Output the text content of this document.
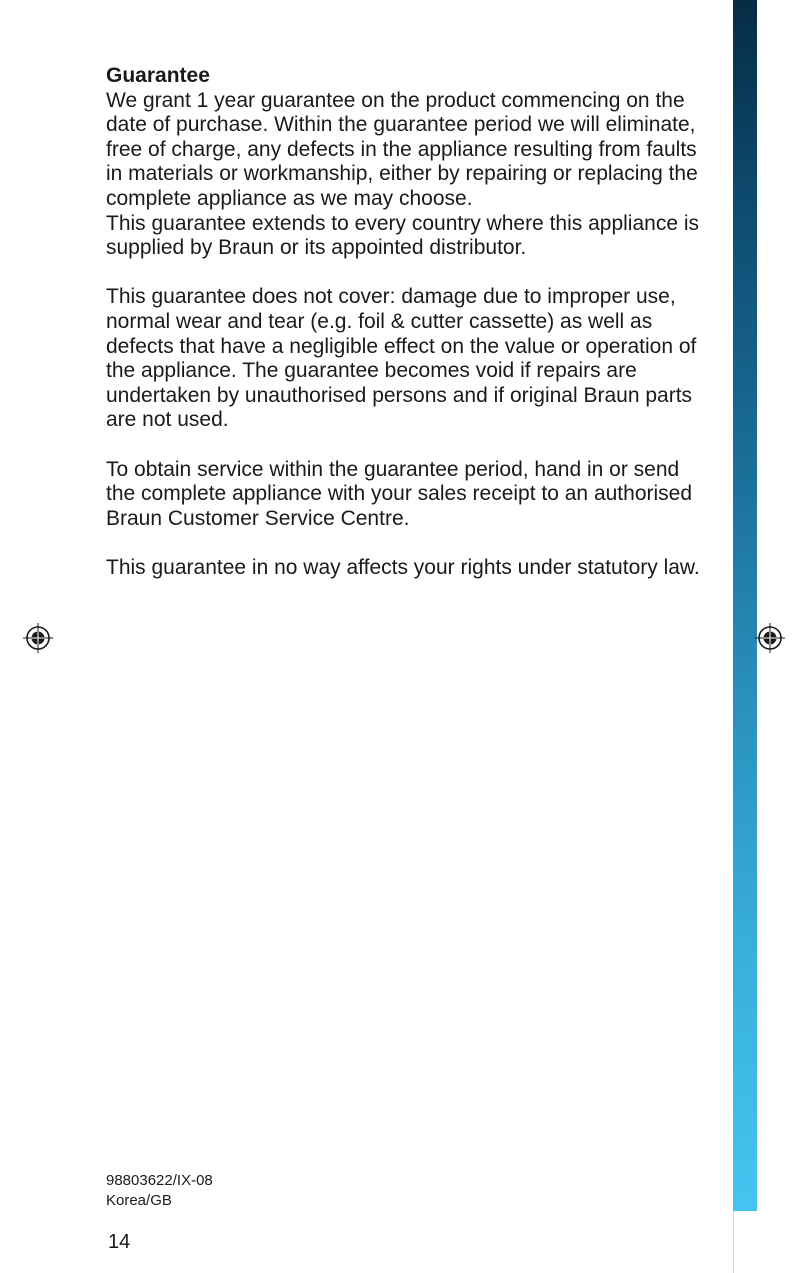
Guarantee

We grant 1 year guarantee on the product commencing on the date of purchase. Within the guarantee period we will eliminate, free of charge, any defects in the appliance resulting from faults in materials or workmanship, either by repairing or replacing the complete appliance as we may choose.

This guarantee extends to every country where this appliance is supplied by Braun or its appointed distributor.

This guarantee does not cover: damage due to improper use, normal wear and tear (e.g. foil & cutter cassette) as well as defects that have a negligible effect on the value or operation of the appliance. The guarantee becomes void if repairs are undertaken by unauthorised persons and if original Braun parts are not used.

To obtain service within the guarantee period, hand in or send the complete appliance with your sales receipt to an authorised Braun Customer Service Centre.

This guarantee in no way affects your rights under statutory law.

98803622/IX-08
Korea/GB
14
